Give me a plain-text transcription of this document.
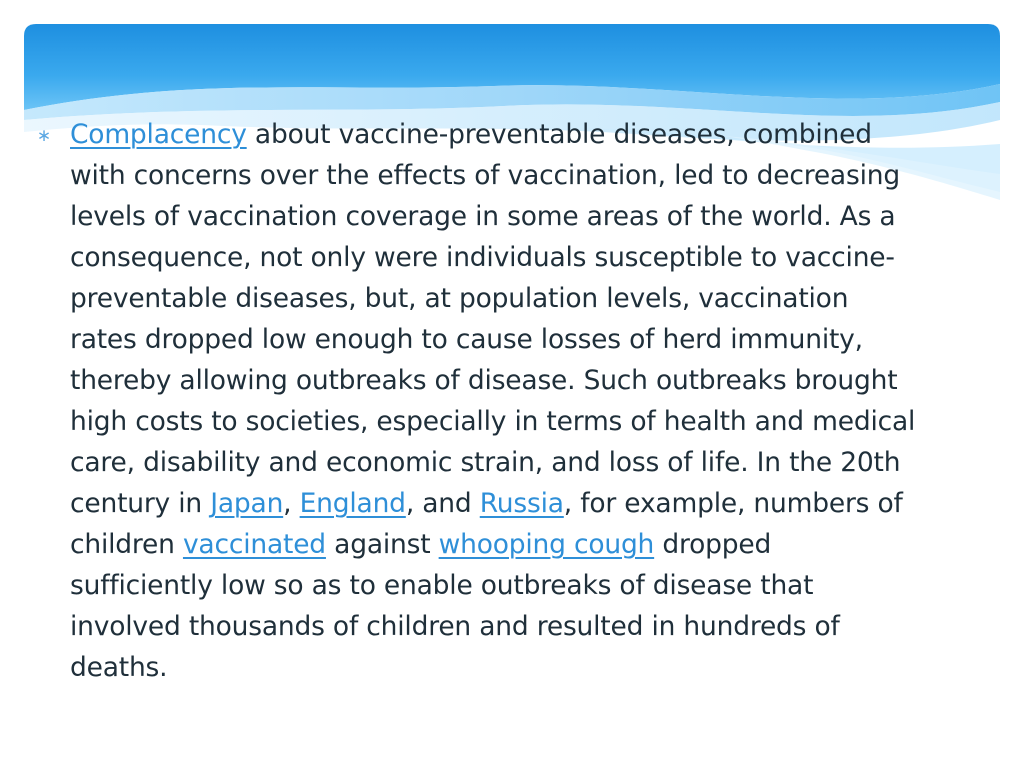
∗ Complacency about vaccine-preventable diseases, combined
with concerns over the effects of vaccination, led to decreasing
levels of vaccination coverage in some areas of the world. As a
consequence, not only were individuals susceptible to vaccine-
preventable diseases, but, at population levels, vaccination
rates dropped low enough to cause losses of herd immunity,
thereby allowing outbreaks of disease. Such outbreaks brought
high costs to societies, especially in terms of health and medical
care, disability and economic strain, and loss of life. In the 20th
century in Japan, England, and Russia, for example, numbers of
children vaccinated against whooping cough dropped
sufficiently low so as to enable outbreaks of disease that
involved thousands of children and resulted in hundreds of
deaths.
